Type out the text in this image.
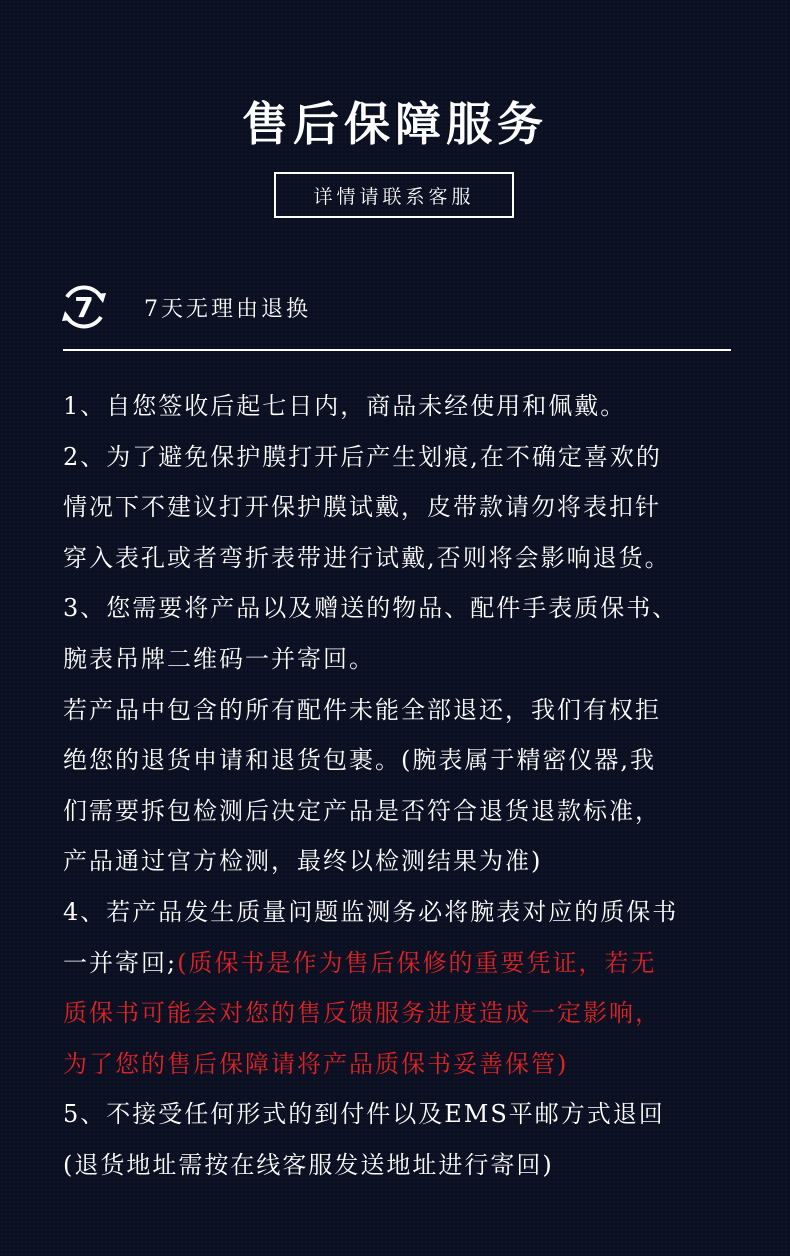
售后保障服务
详情请联系客服
7 7天无理由退换
1、自您签收后起七日内，商品未经使用和佩戴。
2、为了避免保护膜打开后产生划痕,在不确定喜欢的
情况下不建议打开保护膜试戴，皮带款请勿将表扣针
穿入表孔或者弯折表带进行试戴,否则将会影响退货。
3、您需要将产品以及赠送的物品、配件手表质保书、
腕表吊牌二维码一并寄回。
若产品中包含的所有配件未能全部退还，我们有权拒
绝您的退货申请和退货包裹。(腕表属于精密仪器,我
们需要拆包检测后决定产品是否符合退货退款标准，
产品通过官方检测，最终以检测结果为准)
4、若产品发生质量问题监测务必将腕表对应的质保书
一并寄回;(质保书是作为售后保修的重要凭证，若无
质保书可能会对您的售反馈服务进度造成一定影响，
为了您的售后保障请将产品质保书妥善保管)
5、不接受任何形式的到付件以及EMS平邮方式退回
(退货地址需按在线客服发送地址进行寄回)
